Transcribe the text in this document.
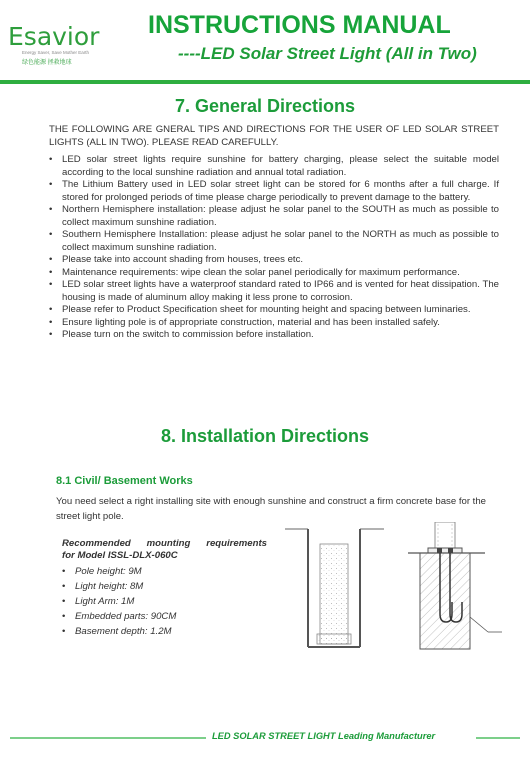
Esavior
Energy Saver, Save Mother Earth
绿色能源 拯救地球
INSTRUCTIONS MANUAL
----LED Solar Street Light (All in Two)
7. General Directions
THE FOLLOWING ARE GNERAL TIPS AND DIRECTIONS FOR THE USER OF LED SOLAR STREET LIGHTS (ALL IN TWO). PLEASE READ CAREFULLY.
• LED solar street lights require sunshine for battery charging, please select the suitable model according to the local sunshine radiation and annual total radiation.
• The Lithium Battery used in LED solar street light can be stored for 6 months after a full charge. If stored for prolonged periods of time please charge periodically to prevent damage to the battery.
• Northern Hemisphere installation: please adjust he solar panel to the SOUTH as much as possible to collect maximum sunshine radiation.
• Southern Hemisphere Installation: please adjust he solar panel to the NORTH as much as possible to collect maximum sunshine radiation.
• Please take into account shading from houses, trees etc.
• Maintenance requirements: wipe clean the solar panel periodically for maximum performance.
• LED solar street lights have a waterproof standard rated to IP66 and is vented for heat dissipation. The housing is made of aluminum alloy making it less prone to corrosion.
• Please refer to Product Specification sheet for mounting height and spacing between luminaries.
• Ensure lighting pole is of appropriate construction, material and has been installed safely.
• Please turn on the switch to commission before installation.
8. Installation Directions
8.1 Civil/ Basement Works
You need select a right installing site with enough sunshine and construct a firm concrete base for the street light pole.
Recommended mounting requirements
for Model ISSL-DLX-060C
• Pole height: 9M
• Light height: 8M
• Light Arm: 1M
• Embedded parts: 90CM
• Basement depth: 1.2M
LED SOLAR STREET LIGHT Leading Manufacturer
